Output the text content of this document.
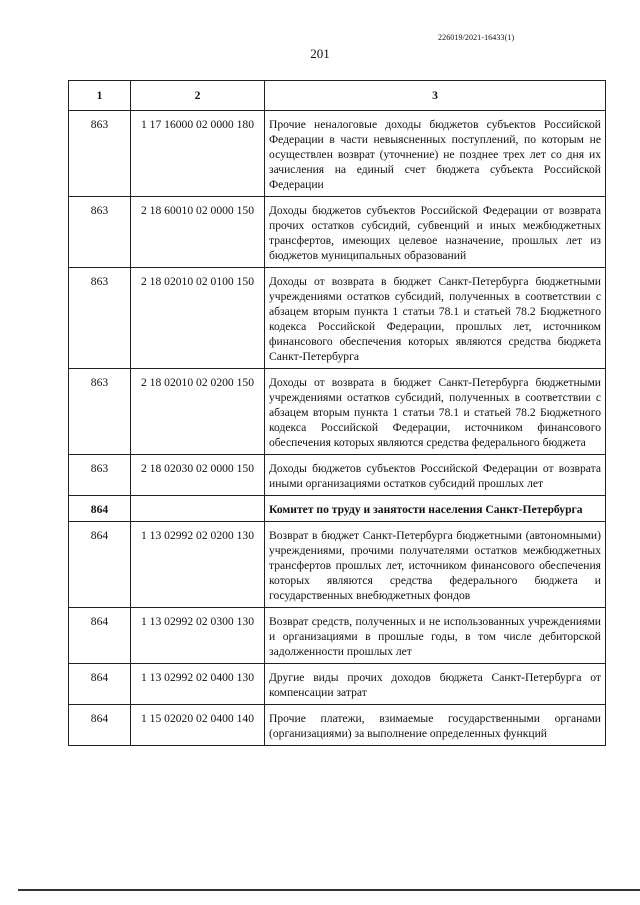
226019/2021-16433(1)
201
1	2	3
863	1 17 16000 02 0000 180	Прочие неналоговые доходы бюджетов субъектов Российской Федерации в части невыясненных поступлений, по которым не осуществлен возврат (уточнение) не позднее трех лет со дня их зачисления на единый счет бюджета субъекта Российской Федерации
863	2 18 60010 02 0000 150	Доходы бюджетов субъектов Российской Федерации от возврата прочих остатков субсидий, субвенций и иных межбюджетных трансфертов, имеющих целевое назначение, прошлых лет из бюджетов муниципальных образований
863	2 18 02010 02 0100 150	Доходы от возврата в бюджет Санкт-Петербурга бюджетными учреждениями остатков субсидий, полученных в соответствии с абзацем вторым пункта 1 статьи 78.1 и статьей 78.2 Бюджетного кодекса Российской Федерации, прошлых лет, источником финансового обеспечения которых являются средства бюджета Санкт-Петербурга
863	2 18 02010 02 0200 150	Доходы от возврата в бюджет Санкт-Петербурга бюджетными учреждениями остатков субсидий, полученных в соответствии с абзацем вторым пункта 1 статьи 78.1 и статьей 78.2 Бюджетного кодекса Российской Федерации, источником финансового обеспечения которых являются средства федерального бюджета
863	2 18 02030 02 0000 150	Доходы бюджетов субъектов Российской Федерации от возврата иными организациями остатков субсидий прошлых лет
864		Комитет по труду и занятости населения Санкт-Петербурга
864	1 13 02992 02 0200 130	Возврат в бюджет Санкт-Петербурга бюджетными (автономными) учреждениями, прочими получателями остатков межбюджетных трансфертов прошлых лет, источником финансового обеспечения которых являются средства федерального бюджета и государственных внебюджетных фондов
864	1 13 02992 02 0300 130	Возврат средств, полученных и не использованных учреждениями и организациями в прошлые годы, в том числе дебиторской задолженности прошлых лет
864	1 13 02992 02 0400 130	Другие виды прочих доходов бюджета Санкт-Петербурга от компенсации затрат
864	1 15 02020 02 0400 140	Прочие платежи, взимаемые государственными органами (организациями) за выполнение определенных функций
